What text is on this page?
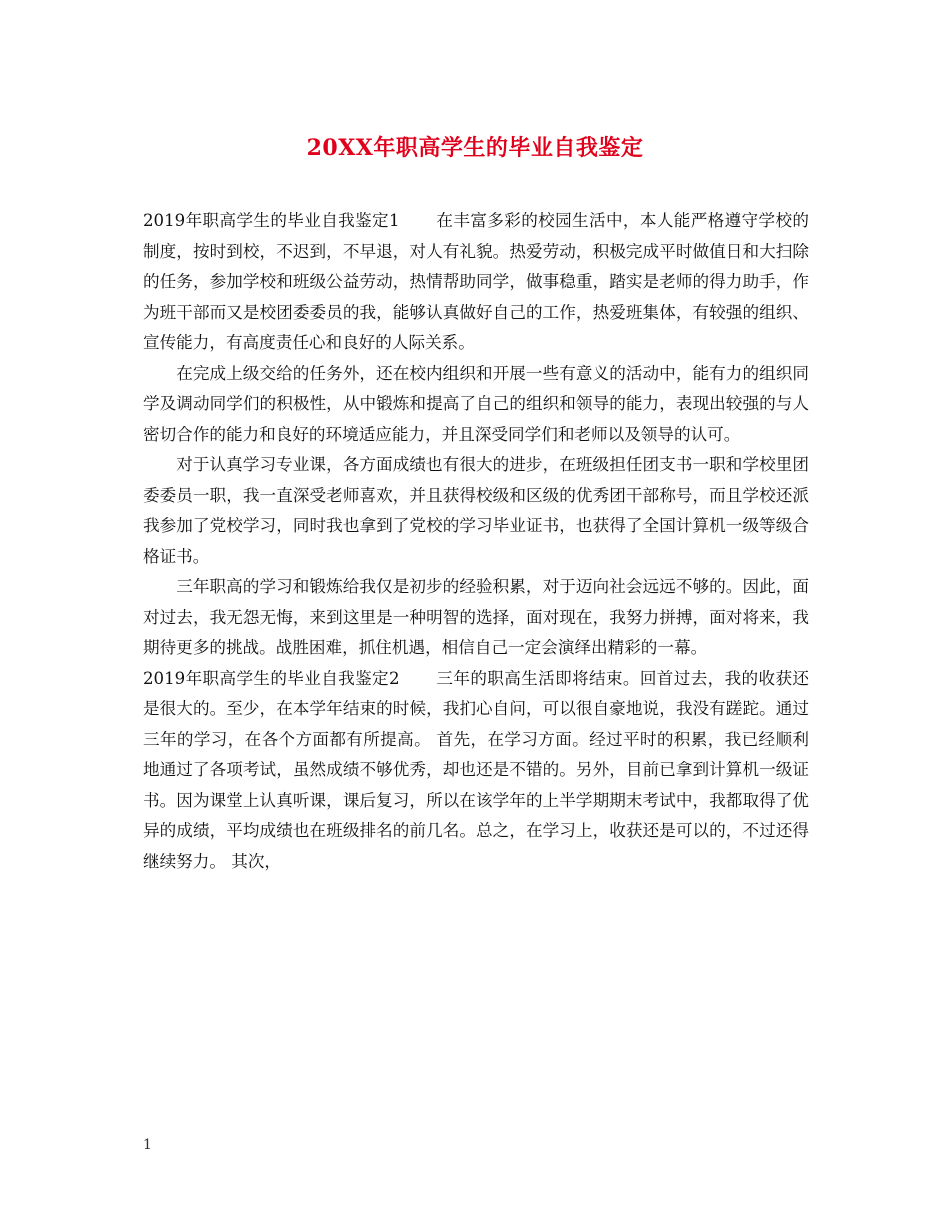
20XX年职高学生的毕业自我鉴定

2019年职高学生的毕业自我鉴定1 在丰富多彩的校园生活中，本人能严格遵守学校的制度，按时到校，不迟到，不早退，对人有礼貌。热爱劳动，积极完成平时做值日和大扫除的任务，参加学校和班级公益劳动，热情帮助同学，做事稳重，踏实是老师的得力助手，作为班干部而又是校团委委员的我，能够认真做好自己的工作，热爱班集体，有较强的组织、宣传能力，有高度责任心和良好的人际关系。

在完成上级交给的任务外，还在校内组织和开展一些有意义的活动中，能有力的组织同学及调动同学们的积极性，从中锻炼和提高了自己的组织和领导的能力，表现出较强的与人密切合作的能力和良好的环境适应能力，并且深受同学们和老师以及领导的认可。

对于认真学习专业课，各方面成绩也有很大的进步，在班级担任团支书一职和学校里团委委员一职，我一直深受老师喜欢，并且获得校级和区级的优秀团干部称号，而且学校还派我参加了党校学习，同时我也拿到了党校的学习毕业证书，也获得了全国计算机一级等级合格证书。

三年职高的学习和锻炼给我仅是初步的经验积累，对于迈向社会远远不够的。因此，面对过去，我无怨无悔，来到这里是一种明智的选择，面对现在，我努力拼搏，面对将来，我期待更多的挑战。战胜困难，抓住机遇，相信自己一定会演绎出精彩的一幕。

2019年职高学生的毕业自我鉴定2 三年的职高生活即将结束。回首过去，我的收获还是很大的。至少，在本学年结束的时候，我扪心自问，可以很自豪地说，我没有蹉跎。通过三年的学习，在各个方面都有所提高。 首先，在学习方面。经过平时的积累，我已经顺利地通过了各项考试，虽然成绩不够优秀，却也还是不错的。另外，目前已拿到计算机一级证书。因为课堂上认真听课，课后复习，所以在该学年的上半学期期末考试中，我都取得了优异的成绩，平均成绩也在班级排名的前几名。总之，在学习上，收获还是可以的，不过还得继续努力。 其次，

1
